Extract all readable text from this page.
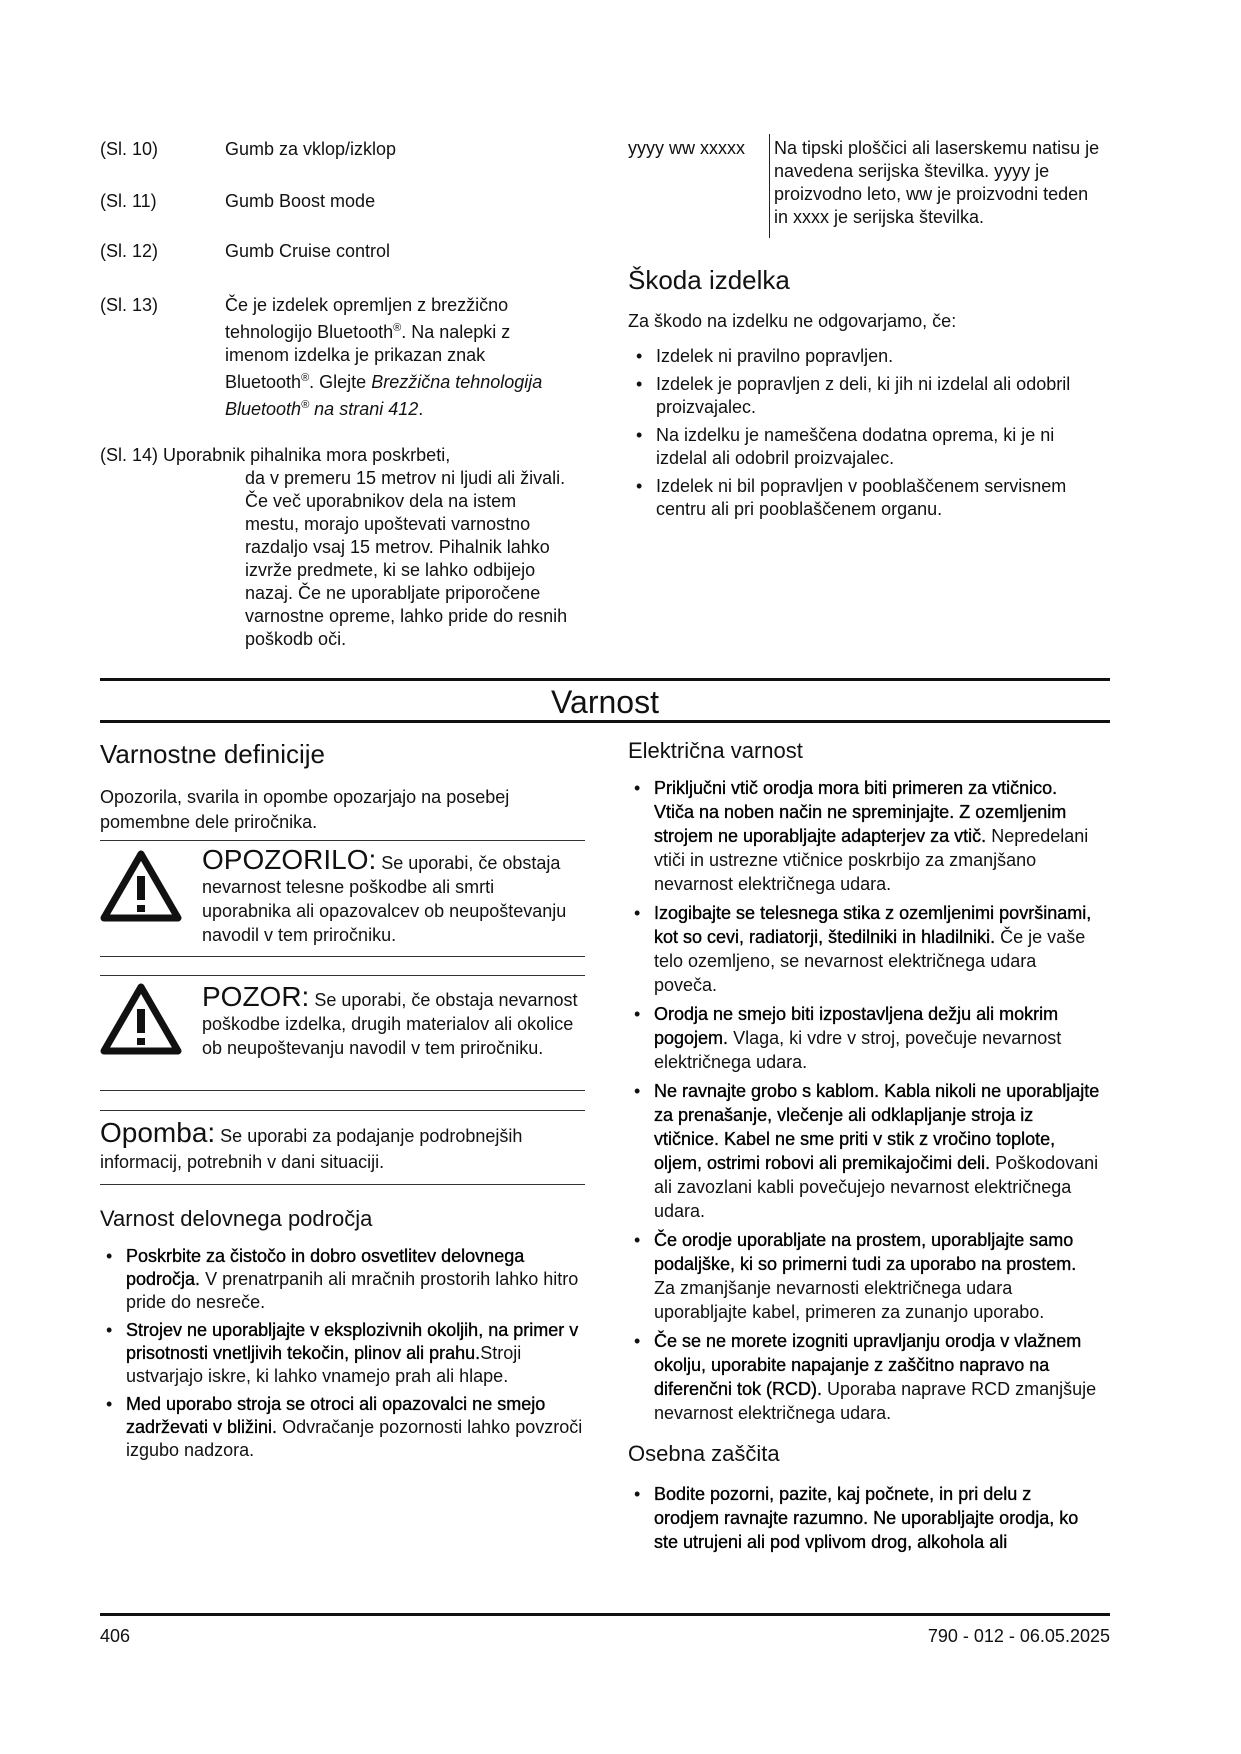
(Sl. 10)	Gumb za vklop/izklop
(Sl. 11)	Gumb Boost mode
(Sl. 12)	Gumb Cruise control
(Sl. 13)	Če je izdelek opremljen z brezžično tehnologijo Bluetooth®. Na nalepki z imenom izdelka je prikazan znak Bluetooth®. Glejte Brezžična tehnologija Bluetooth® na strani 412.
(Sl. 14) Uporabnik pihalnika mora poskrbeti,
da v premeru 15 metrov ni ljudi ali živali. Če več uporabnikov dela na istem mestu, morajo upoštevati varnostno razdaljo vsaj 15 metrov. Pihalnik lahko izvrže predmete, ki se lahko odbijejo nazaj. Če ne uporabljate priporočene varnostne opreme, lahko pride do resnih poškodb oči.
yyyy ww xxxxx Na tipski ploščici ali laserskemu natisu je navedena serijska številka. yyyy je proizvodno leto, ww je proizvodni teden in xxxx je serijska številka.
Škoda izdelka
Za škodo na izdelku ne odgovarjamo, če:

• Izdelek ni pravilno popravljen.

• Izdelek je popravljen z deli, ki jih ni izdelal ali odobril proizvajalec.

• Na izdelku je nameščena dodatna oprema, ki je ni izdelal ali odobril proizvajalec.

• Izdelek ni bil popravljen v pooblaščenem servisnem centru ali pri pooblaščenem organu.

Varnost
Varnostne definicije
Opozorila, svarila in opombe opozarjajo na posebej pomembne dele priročnika.
OPOZORILO: Se uporabi, če obstaja nevarnost telesne poškodbe ali smrti uporabnika ali opazovalcev ob neupoštevanju navodil v tem priročniku.
POZOR: Se uporabi, če obstaja nevarnost poškodbe izdelka, drugih materialov ali okolice ob neupoštevanju navodil v tem priročniku.
Opomba: Se uporabi za podajanje podrobnejših informacij, potrebnih v dani situaciji.
Varnost delovnega področja

• Poskrbite za čistočo in dobro osvetlitev delovnega področja. V prenatrpanih ali mračnih prostorih lahko hitro pride do nesreče.

• Strojev ne uporabljajte v eksplozivnih okoljih, na primer v prisotnosti vnetljivih tekočin, plinov ali prahu.Stroji ustvarjajo iskre, ki lahko vnamejo prah ali hlape.

• Med uporabo stroja se otroci ali opazovalci ne smejo zadrževati v bližini. Odvračanje pozornosti lahko povzroči izgubo nadzora.

Električna varnost

• Priključni vtič orodja mora biti primeren za vtičnico. Vtiča na noben način ne spreminjajte. Z ozemljenim strojem ne uporabljajte adapterjev za vtič. Nepredelani vtiči in ustrezne vtičnice poskrbijo za zmanjšano nevarnost električnega udara.

• Izogibajte se telesnega stika z ozemljenimi površinami, kot so cevi, radiatorji, štedilniki in hladilniki. Če je vaše telo ozemljeno, se nevarnost električnega udara poveča.

• Orodja ne smejo biti izpostavljena dežju ali mokrim pogojem. Vlaga, ki vdre v stroj, povečuje nevarnost električnega udara.

• Ne ravnajte grobo s kablom. Kabla nikoli ne uporabljajte za prenašanje, vlečenje ali odklapljanje stroja iz vtičnice. Kabel ne sme priti v stik z vročino toplote, oljem, ostrimi robovi ali premikajočimi deli. Poškodovani ali zavozlani kabli povečujejo nevarnost električnega udara.

• Če orodje uporabljate na prostem, uporabljajte samo podaljške, ki so primerni tudi za uporabo na prostem. Za zmanjšanje nevarnosti električnega udara uporabljajte kabel, primeren za zunanjo uporabo.

• Če se ne morete izogniti upravljanju orodja v vlažnem okolju, uporabite napajanje z zaščitno napravo na diferenčni tok (RCD). Uporaba naprave RCD zmanjšuje nevarnost električnega udara.

Osebna zaščita

• Bodite pozorni, pazite, kaj počnete, in pri delu z orodjem ravnajte razumno. Ne uporabljajte orodja, ko ste utrujeni ali pod vplivom drog, alkohola ali

406	790 - 012 - 06.05.2025
